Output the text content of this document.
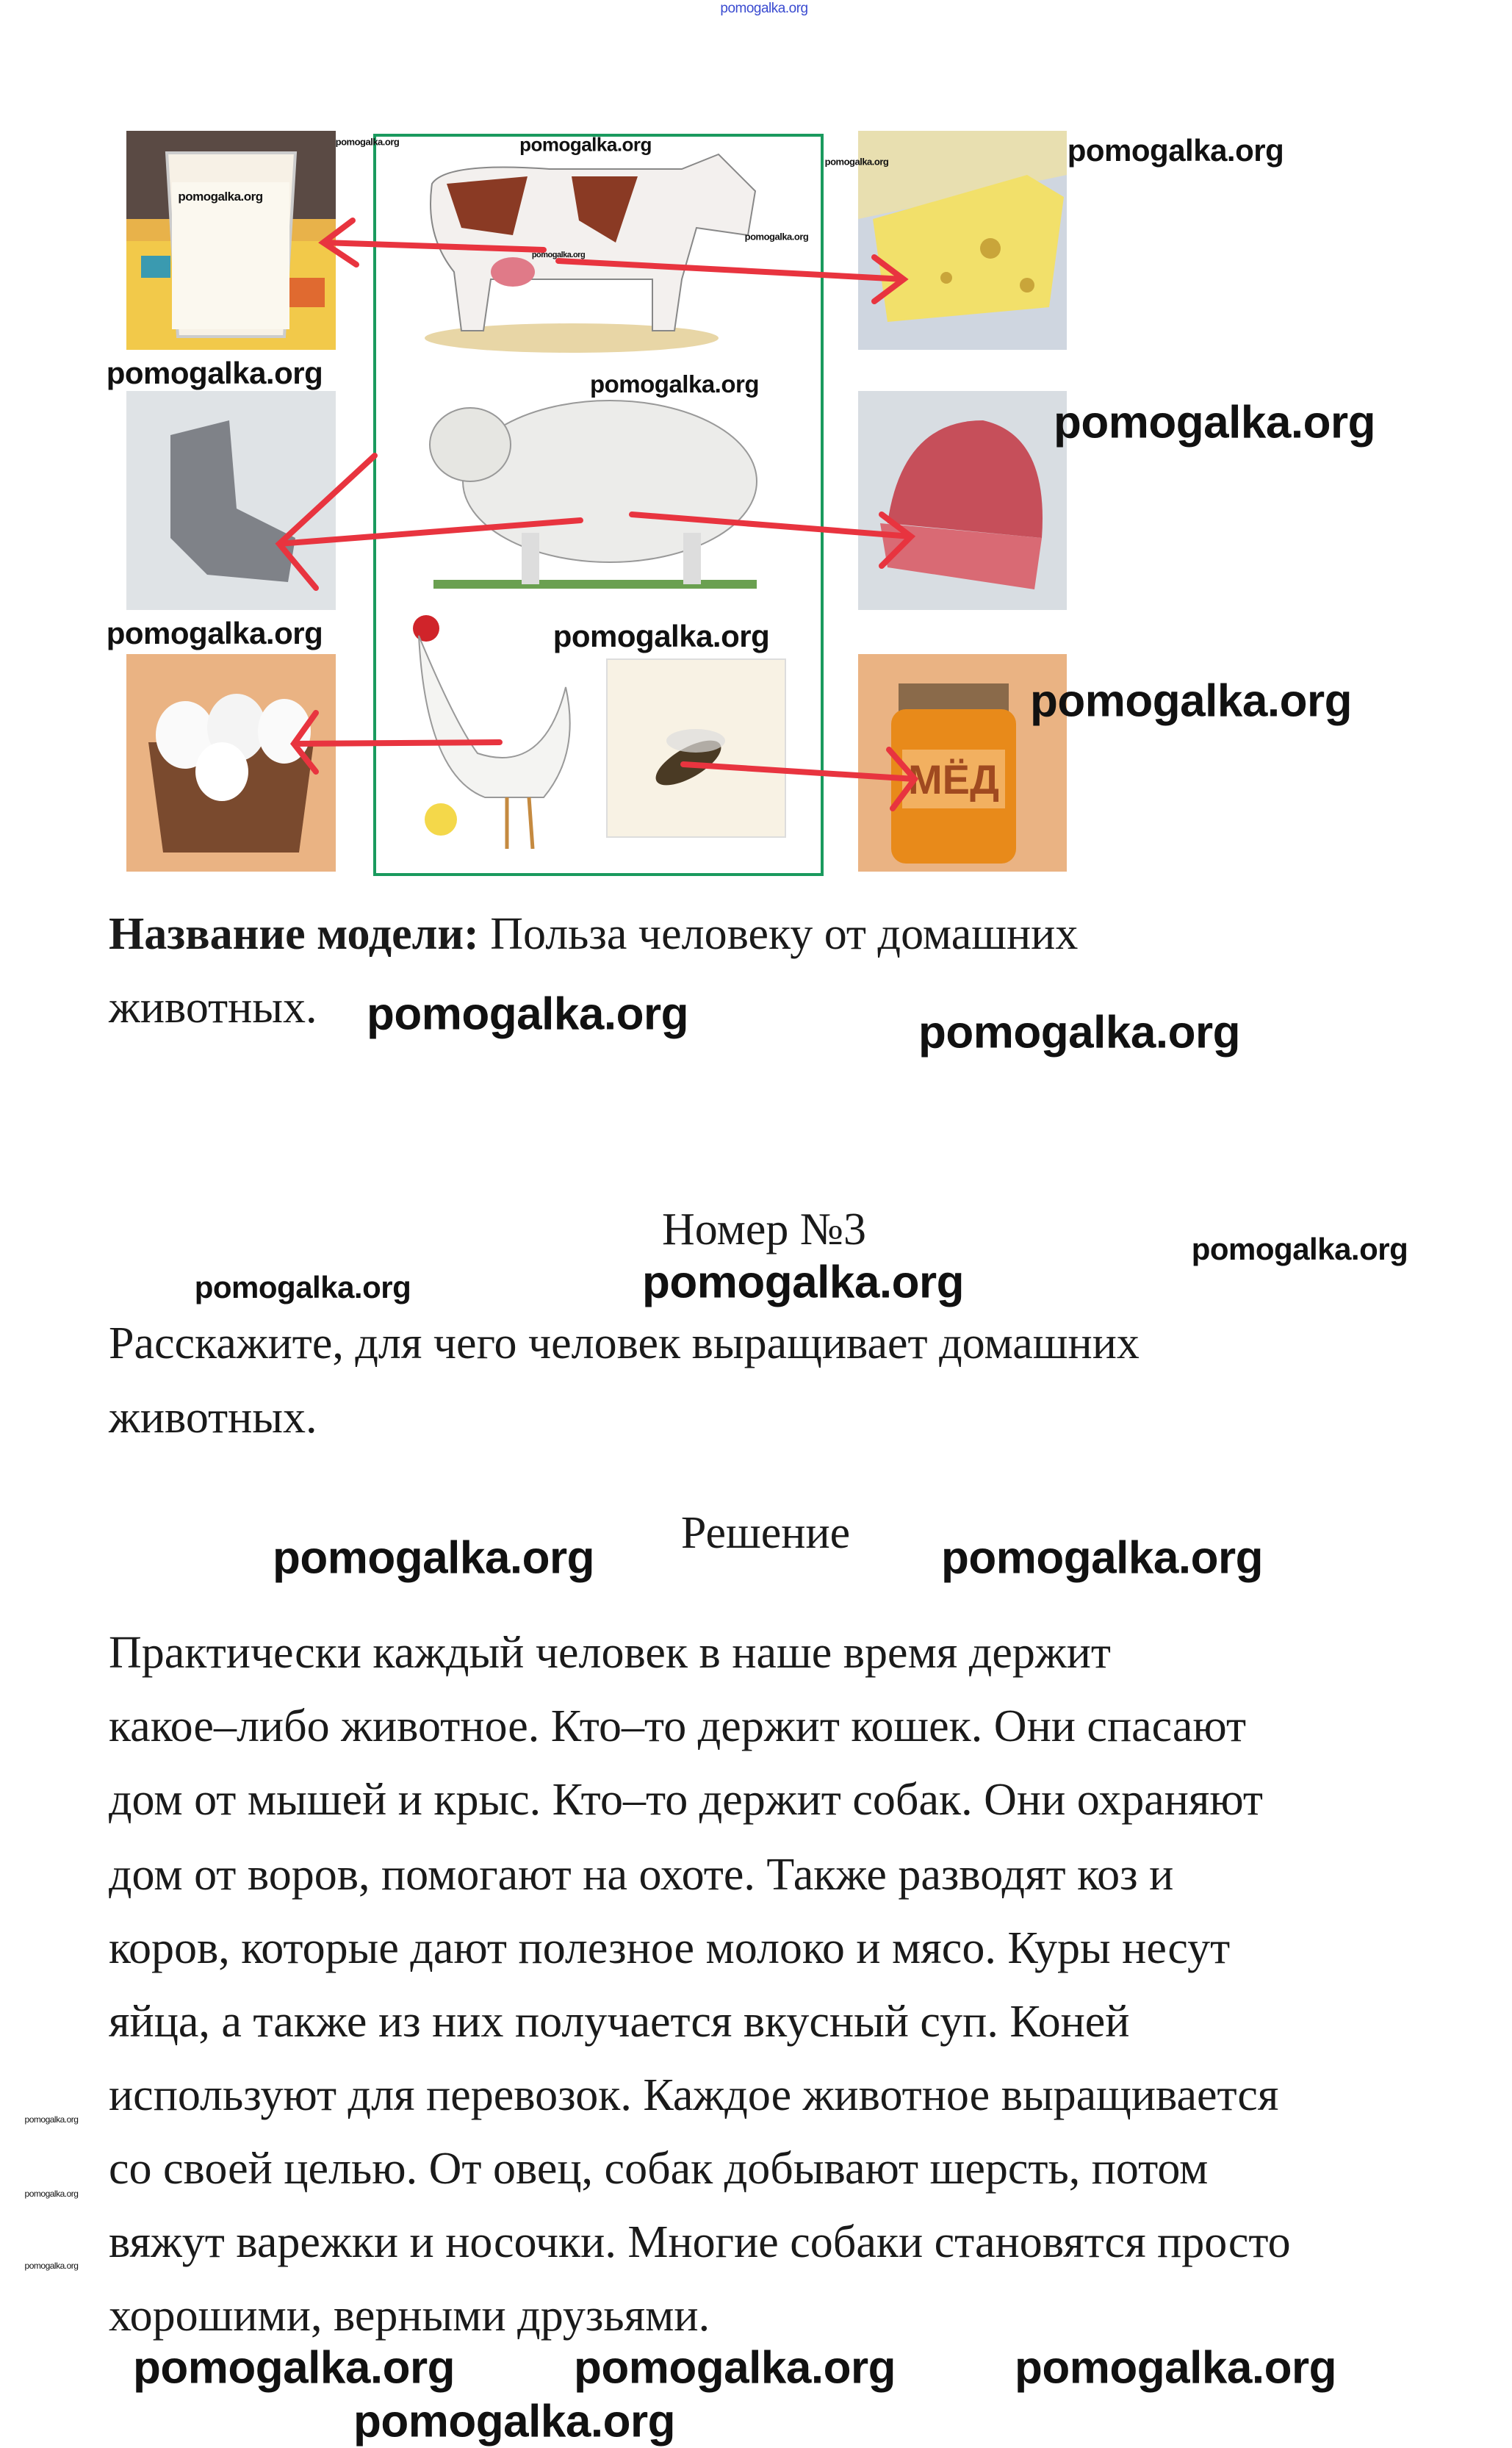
МЁД
Название модели: Польза человеку от домашних
животных.
Номер №3
Расскажите, для чего человек выращивает домашних
животных.
Решение
Практически каждый человек в наше время держит
какое–либо животное. Кто–то держит кошек. Они спасают
дом от мышей и крыс. Кто–то держит собак. Они охраняют
дом от воров, помогают на охоте. Также разводят коз и
коров, которые дают полезное молоко и мясо. Куры несут
яйца, а также из них получается вкусный суп. Коней
используют для перевозок. Каждое животное выращивается
со своей целью. От овец, собак добывают шерсть, потом
вяжут варежки и носочки. Многие собаки становятся просто
хорошими, верными друзьями.
pomogalka.org
pomogalka.org	pomogalka.org
pomogalka.org
pomogalka.org	pomogalka.org
pomogalka.org
pomogalka.org
pomogalka.org	pomogalka.org
pomogalka.org
pomogalka.org	pomogalka.org
pomogalka.org
pomogalka.org	pomogalka.org
pomogalka.org	pomogalka.org
pomogalka.org
pomogalka.org	pomogalka.org
pomogalka.org	pomogalka.org
pomogalka.org
pomogalka.org
pomogalka.org
pomogalka.org
pomogalka.org
